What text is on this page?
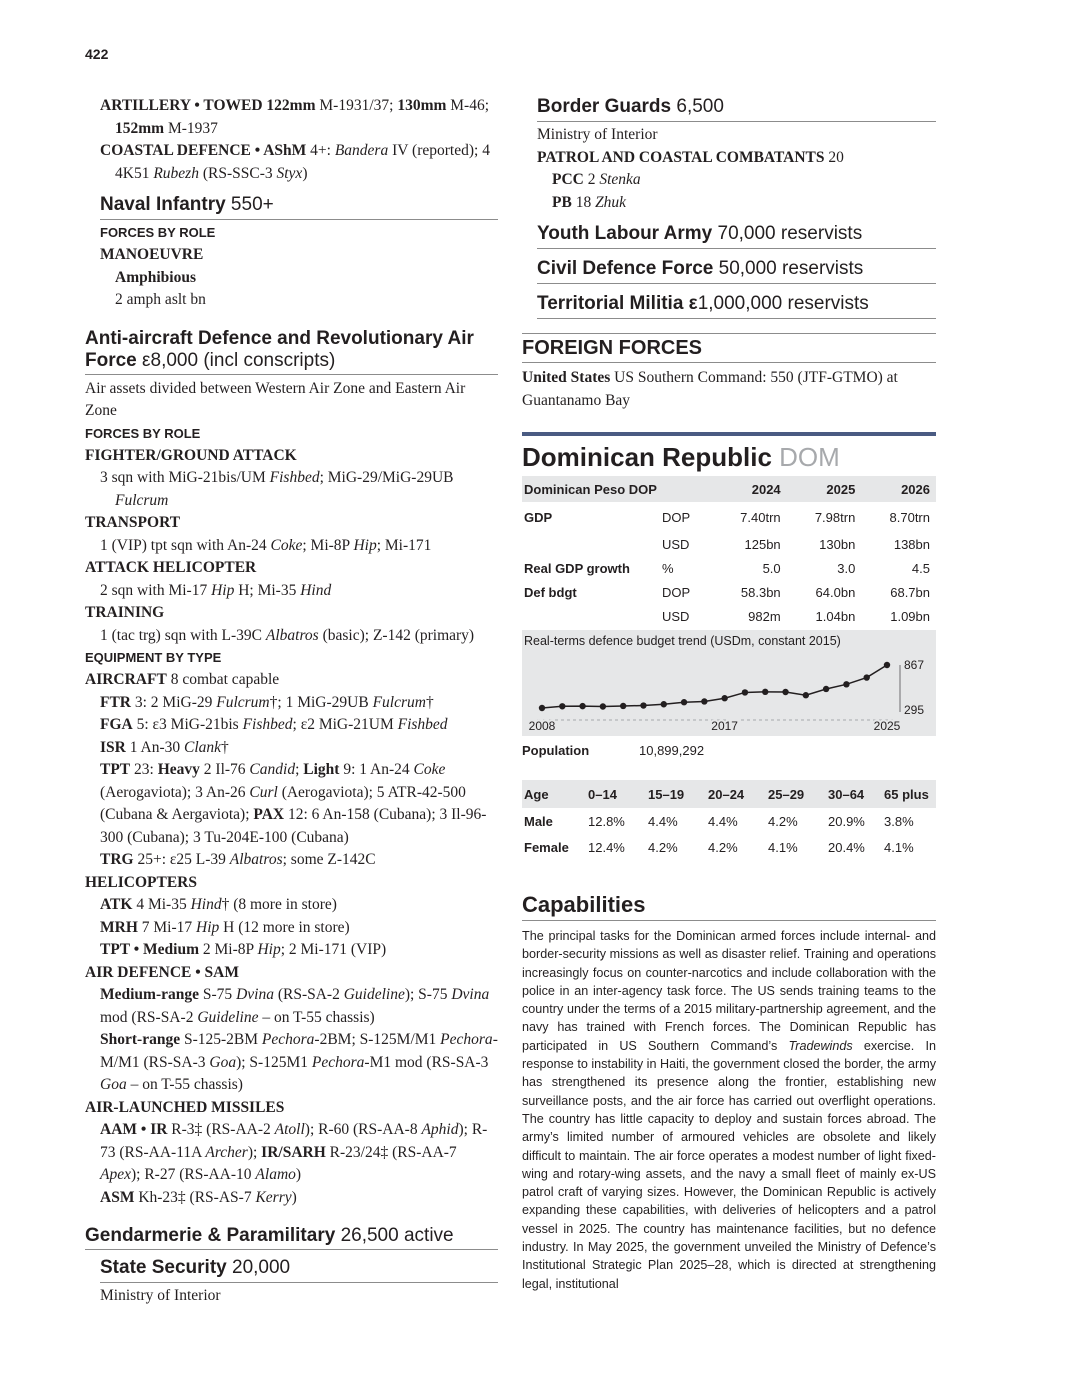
422
ARTILLERY • TOWED 122mm M-1931/37; 130mm M-46; 152mm M-1937
COASTAL DEFENCE • AShM 4+: Bandera IV (reported); 4 4K51 Rubezh (RS-SSC-3 Styx)
Naval Infantry 550+
FORCES BY ROLE
MANOEUVRE
Amphibious
2 amph aslt bn
Anti-aircraft Defence and Revolutionary Air
Force ε8,000 (incl conscripts)
Air assets divided between Western Air Zone and Eastern Air Zone
FORCES BY ROLE
FIGHTER/GROUND ATTACK
3 sqn with MiG-21bis/UM Fishbed; MiG-29/MiG-29UB Fulcrum
TRANSPORT
1 (VIP) tpt sqn with An-24 Coke; Mi-8P Hip; Mi-171
ATTACK HELICOPTER
2 sqn with Mi-17 Hip H; Mi-35 Hind
TRAINING
1 (tac trg) sqn with L-39C Albatros (basic); Z-142 (primary)
EQUIPMENT BY TYPE
AIRCRAFT 8 combat capable
FTR 3: 2 MiG-29 Fulcrum†; 1 MiG-29UB Fulcrum†
FGA 5: ε3 MiG-21bis Fishbed; ε2 MiG-21UM Fishbed
ISR 1 An-30 Clank†
TPT 23: Heavy 2 Il-76 Candid; Light 9: 1 An-24 Coke (Aerogaviota); 3 An-26 Curl (Aerogaviota); 5 ATR-42-500 (Cubana & Aergaviota); PAX 12: 6 An-158 (Cubana); 3 Il-96-300 (Cubana); 3 Tu-204E-100 (Cubana)
TRG 25+: ε25 L-39 Albatros; some Z-142C
HELICOPTERS
ATK 4 Mi-35 Hind† (8 more in store)
MRH 7 Mi-17 Hip H (12 more in store)
TPT • Medium 2 Mi-8P Hip; 2 Mi-171 (VIP)
AIR DEFENCE • SAM
Medium-range S-75 Dvina (RS-SA-2 Guideline); S-75 Dvina mod (RS-SA-2 Guideline – on T-55 chassis)
Short-range S-125-2BM Pechora-2BM; S-125M/M1 Pechora-M/M1 (RS-SA-3 Goa); S-125M1 Pechora-M1 mod (RS-SA-3 Goa – on T-55 chassis)
AIR-LAUNCHED MISSILES
AAM • IR R-3‡ (RS-AA-2 Atoll); R-60 (RS-AA-8 Aphid); R-73 (RS-AA-11A Archer); IR/SARH R-23/24‡ (RS-AA-7 Apex); R-27 (RS-AA-10 Alamo)
ASM Kh-23‡ (RS-AS-7 Kerry)
Gendarmerie & Paramilitary 26,500 active
State Security 20,000
Ministry of Interior
Border Guards 6,500
Ministry of Interior
PATROL AND COASTAL COMBATANTS 20
PCC 2 Stenka
PB 18 Zhuk
Youth Labour Army 70,000 reservists
Civil Defence Force 50,000 reservists
Territorial Militia ε1,000,000 reservists
FOREIGN FORCES
United States US Southern Command: 550 (JTF-GTMO) at Guantanamo Bay
Dominican Republic DOM
Dominican Peso DOP		2024	2025	2026
GDP	DOP	7.40trn	7.98trn	8.70trn
	USD	125bn	130bn	138bn
Real GDP growth	%	5.0	3.0	4.5
Def bdgt	DOP	58.3bn	64.0bn	68.7bn
	USD	982m	1.04bn	1.09bn
Real-terms defence budget trend (USDm, constant 2015)
867
295
2008	2017	2025
Population	10,899,292
Age	0–14	15–19	20–24	25–29	30–64	65 plus
Male	12.8%	4.4%	4.4%	4.2%	20.9%	3.8%
Female	12.4%	4.2%	4.2%	4.1%	20.4%	4.1%
Capabilities
The principal tasks for the Dominican armed forces include internal- and border-security missions as well as disaster relief. Training and operations increasingly focus on counter-narcotics and include collaboration with the police in an inter-agency task force. The US sends training teams to the country under the terms of a 2015 military-partnership agreement, and the navy has trained with French forces. The Dominican Republic has participated in US Southern Command’s Tradewinds exercise. In response to instability in Haiti, the government closed the border, the army has strengthened its presence along the frontier, establishing new surveillance posts, and the air force has carried out overflight operations. The country has little capacity to deploy and sustain forces abroad. The army’s limited number of armoured vehicles are obsolete and likely difficult to maintain. The air force operates a modest number of light fixed-wing and rotary-wing assets, and the navy a small fleet of mainly ex-US patrol craft of varying sizes. However, the Dominican Republic is actively expanding these capabilities, with deliveries of helicopters and a patrol vessel in 2025. The country has maintenance facilities, but no defence industry. In May 2025, the government unveiled the Ministry of Defence’s Institutional Strategic Plan 2025–28, which is directed at strengthening legal, institutional
